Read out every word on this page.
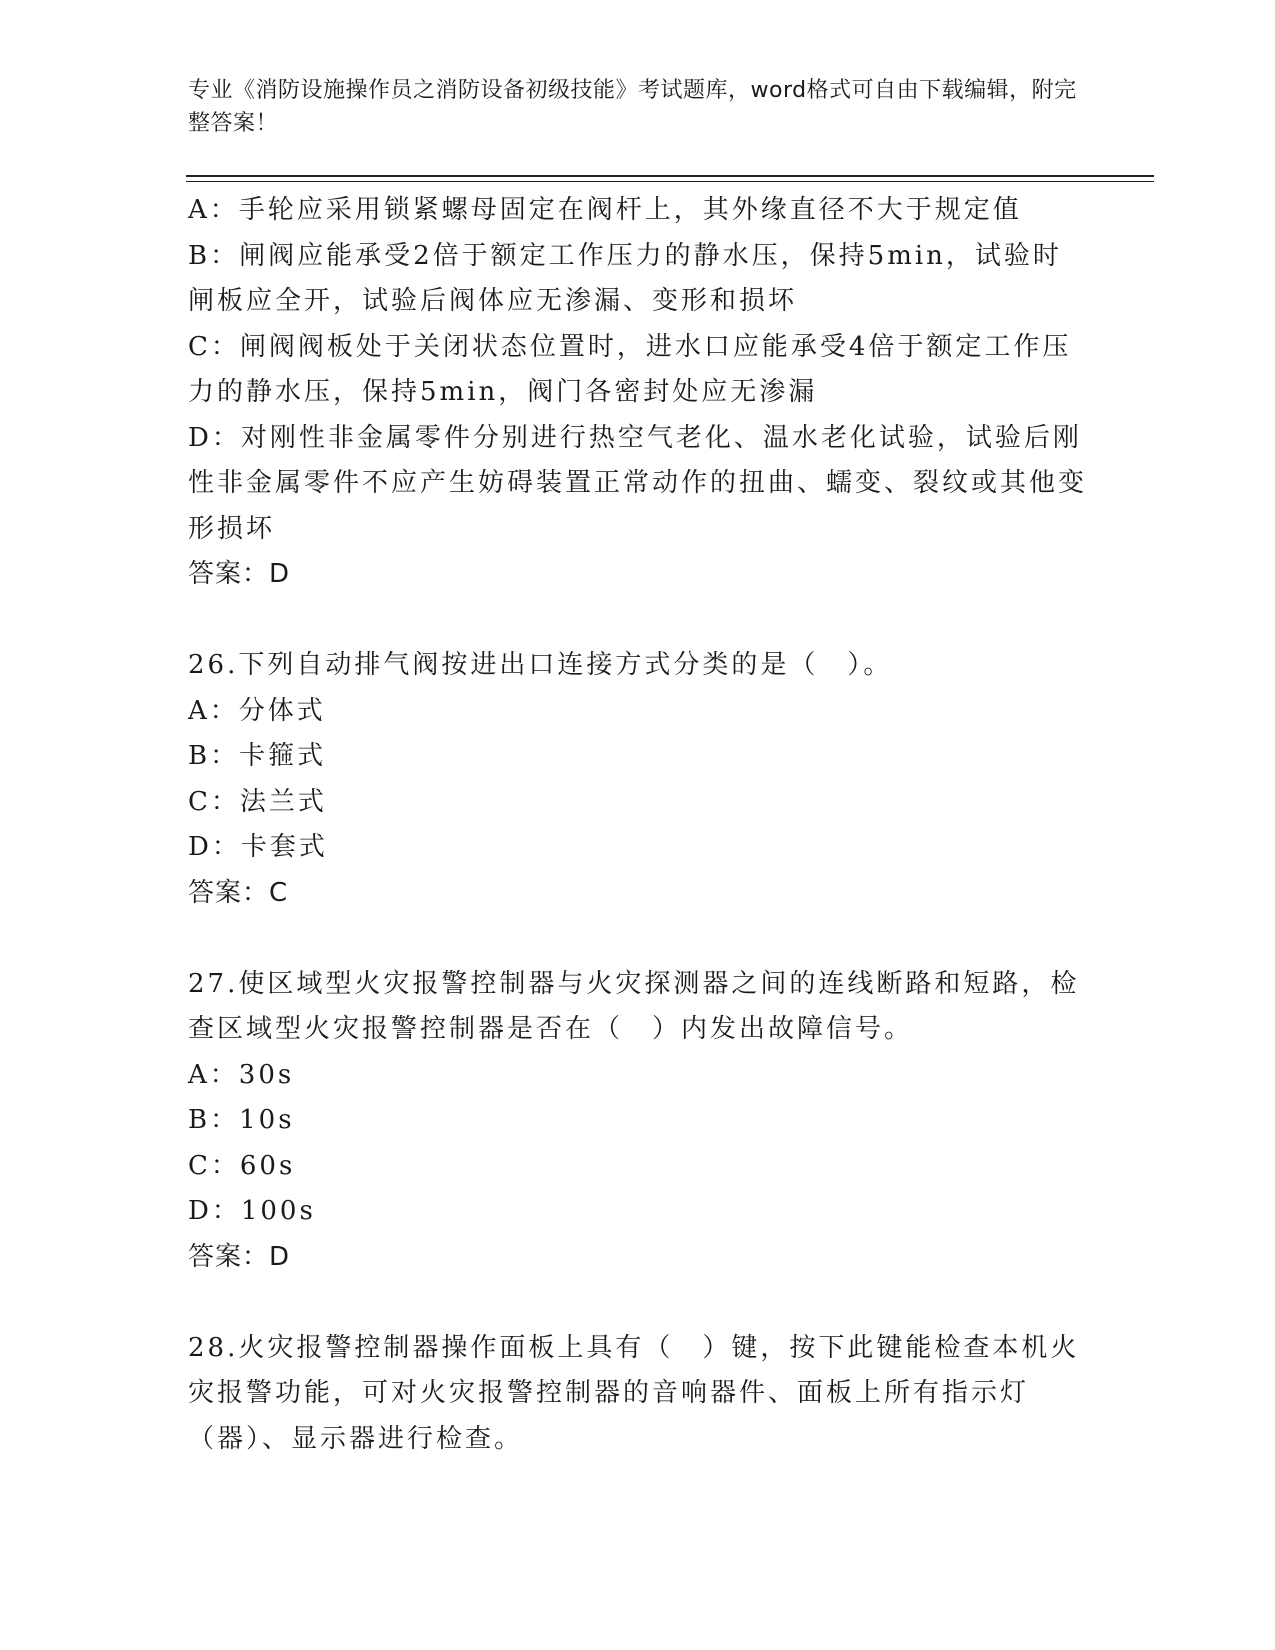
专业《消防设施操作员之消防设备初级技能》考试题库，word格式可自由下载编辑，附完整答案！

A：手轮应采用锁紧螺母固定在阀杆上，其外缘直径不大于规定值

B：闸阀应能承受2倍于额定工作压力的静水压，保持5min，试验时闸板应全开，试验后阀体应无渗漏、变形和损坏

C：闸阀阀板处于关闭状态位置时，进水口应能承受4倍于额定工作压力的静水压，保持5min，阀门各密封处应无渗漏

D：对刚性非金属零件分别进行热空气老化、温水老化试验，试验后刚性非金属零件不应产生妨碍装置正常动作的扭曲、蠕变、裂纹或其他变形损坏

答案：D

26.下列自动排气阀按进出口连接方式分类的是（　）。

A：分体式

B：卡箍式

C：法兰式

D：卡套式

答案：C

27.使区域型火灾报警控制器与火灾探测器之间的连线断路和短路，检查区域型火灾报警控制器是否在（　）内发出故障信号。

A：30s

B：10s

C：60s

D：100s

答案：D

28.火灾报警控制器操作面板上具有（　）键，按下此键能检查本机火灾报警功能，可对火灾报警控制器的音响器件、面板上所有指示灯（器）、显示器进行检查。
